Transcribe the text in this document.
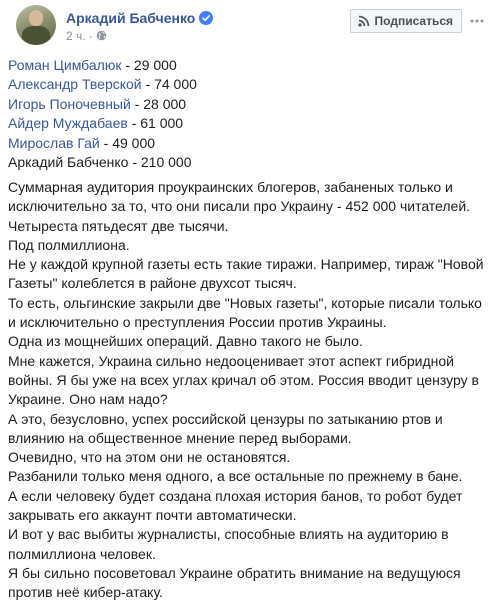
Аркадий Бабченко
2 ч. ·
Подписаться
Роман Цимбалюк - 29 000
Александр Тверской - 74 000
Игорь Поночевный - 28 000
Айдер Муждабаев - 61 000
Мирослав Гай - 49 000
Аркадий Бабченко - 210 000

Суммарная аудитория проукраинских блогеров, забаненых только и

исключительно за то, что они писали про Украину - 452 000 читателей.

Четыреста пятьдесят две тысячи.

Под полмиллиона.

Не у каждой крупной газеты есть такие тиражи. Например, тираж "Новой

Газеты" колеблется в районе двухсот тысяч.

То есть, ольгинские закрыли две "Новых газеты", которые писали только

и исключительно о преступления России против Украины.

Одна из мощнейших операций. Давно такого не было.

Мне кажется, Украина сильно недооценивает этот аспект гибридной

войны. Я бы уже на всех углах кричал об этом. Россия вводит цензуру в

Украине. Оно нам надо?

А это, безусловно, успех российской цензуры по затыканию ртов и

влиянию на общественное мнение перед выборами.

Очевидно, что на этом они не остановятся.

Разбанили только меня одного, а все остальные по прежнему в бане.

А если человеку будет создана плохая история банов, то робот будет

закрывать его аккаунт почти автоматически.

И вот у вас выбиты журналисты, способные влиять на аудиторию в

полмиллиона человек.

Я бы сильно посоветовал Украине обратить внимание на ведущуюся

против неё кибер-атаку.
